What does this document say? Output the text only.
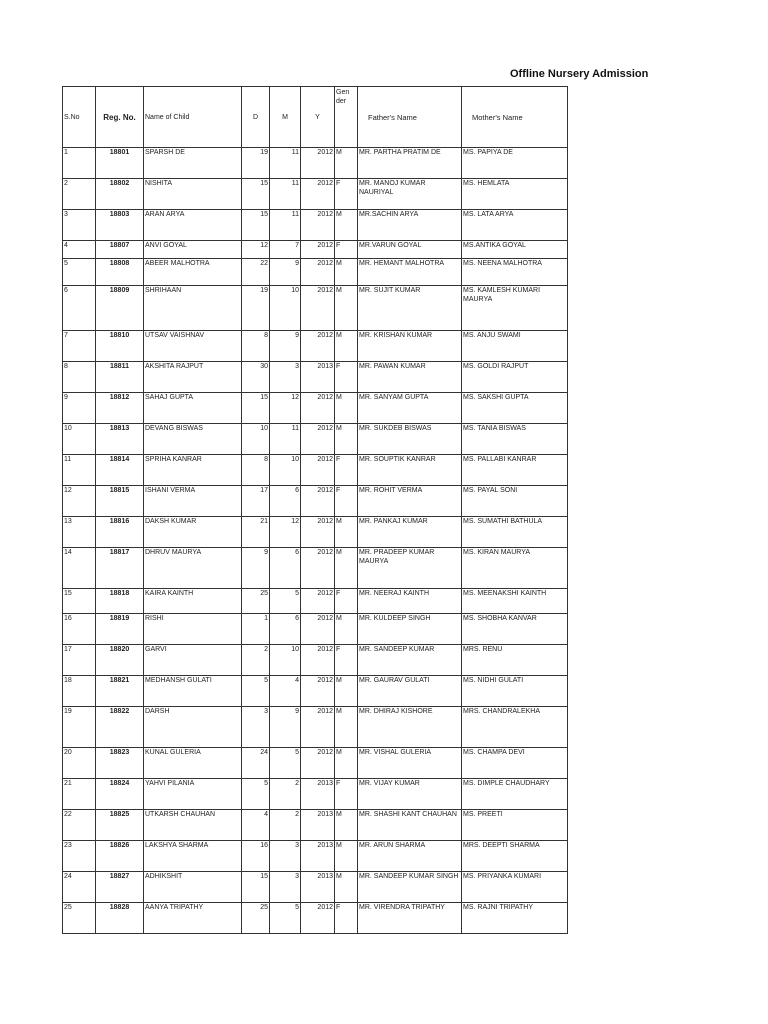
Offline Nursery Admission
S.No	Reg. No.	Name of Child	D	M	Y	Gen der	Father's Name	Mother's Name
1	18801	SPARSH DE	19	11	2012	M	MR. PARTHA PRATIM DE	MS. PAPIYA DE
2	18802	NISHITA	15	11	2012	F	MR. MANOJ KUMAR NAURIYAL	MS. HEMLATA
3	18803	ARAN ARYA	15	11	2012	M	MR.SACHIN ARYA	MS. LATA ARYA
4	18807	ANVI GOYAL	12	7	2012	F	MR.VARUN GOYAL	MS.ANTIKA GOYAL
5	18808	ABEER MALHOTRA	22	9	2012	M	MR. HEMANT MALHOTRA	MS. NEENA MALHOTRA
6	18809	SHRIHAAN	19	10	2012	M	MR. SUJIT KUMAR	MS. KAMLESH KUMARI MAURYA
7	18810	UTSAV VAISHNAV	8	9	2012	M	MR. KRISHAN KUMAR	MS. ANJU SWAMI
8	18811	AKSHITA RAJPUT	30	3	2013	F	MR. PAWAN KUMAR	MS. GOLDI RAJPUT
9	18812	SAHAJ GUPTA	15	12	2012	M	MR. SANYAM GUPTA	MS. SAKSHI GUPTA
10	18813	DEVANG BISWAS	10	11	2012	M	MR. SUKDEB BISWAS	MS. TANIA BISWAS
11	18814	SPRIHA KANRAR	8	10	2012	F	MR. SOUPTIK KANRAR	MS. PALLABI KANRAR
12	18815	ISHANI VERMA	17	6	2012	F	MR. ROHIT VERMA	MS. PAYAL SONI
13	18816	DAKSH KUMAR	21	12	2012	M	MR. PANKAJ KUMAR	MS. SUMATHI BATHULA
14	18817	DHRUV MAURYA	9	6	2012	M	MR. PRADEEP KUMAR MAURYA	MS. KIRAN MAURYA
15	18818	KAIRA KAINTH	25	5	2012	F	MR. NEERAJ KAINTH	MS. MEENAKSHI KAINTH
16	18819	RISHI	1	6	2012	M	MR. KULDEEP SINGH	MS. SHOBHA KANVAR
17	18820	GARVI	2	10	2012	F	MR. SANDEEP KUMAR	MRS. RENU
18	18821	MEDHANSH GULATI	5	4	2012	M	MR. GAURAV GULATI	MS. NIDHI GULATI
19	18822	DARSH	3	9	2012	M	MR. DHIRAJ KISHORE	MRS. CHANDRALEKHA
20	18823	KUNAL GULERIA	24	5	2012	M	MR. VISHAL GULERIA	MS. CHAMPA DEVI
21	18824	YAHVI PILANIA	5	2	2013	F	MR. VIJAY KUMAR	MS. DIMPLE CHAUDHARY
22	18825	UTKARSH CHAUHAN	4	2	2013	M	MR. SHASHI KANT CHAUHAN	MS. PREETI
23	18826	LAKSHYA SHARMA	16	3	2013	M	MR. ARUN SHARMA	MRS. DEEPTI SHARMA
24	18827	ADHIKSHIT	15	3	2013	M	MR. SANDEEP KUMAR SINGH	MS. PRIYANKA KUMARI
25	18828	AANYA TRIPATHY	25	5	2012	F	MR. VIRENDRA TRIPATHY	MS. RAJNI TRIPATHY
